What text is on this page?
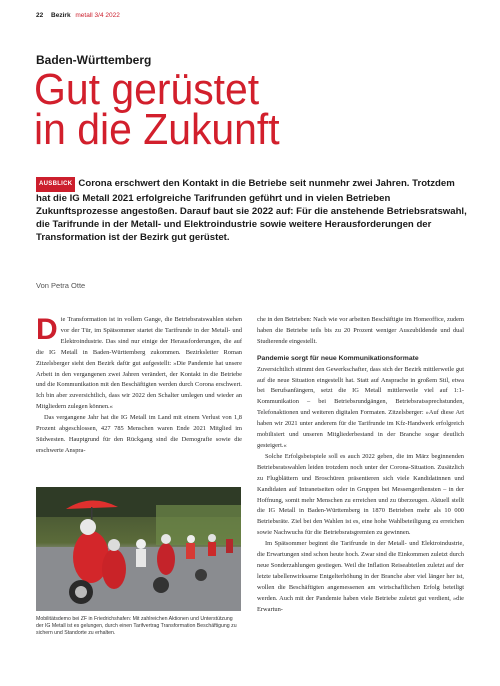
22 Bezirk metall 3/4 2022
Baden-Württemberg
Gut gerüstet
in die Zukunft
AUSBLICK Corona erschwert den Kontakt in die Betriebe seit nunmehr zwei Jahren. Trotzdem hat die IG Metall 2021 erfolgreiche Tarifrunden geführt und in vielen Betrieben Zukunftsprozesse angestoßen. Darauf baut sie 2022 auf: Für die anstehende Betriebsratswahl, die Tarifrunde in der Metall- und Elektroindustrie sowie weitere Herausforderungen der Transformation ist der Bezirk gut gerüstet.
Von Petra Otte
D ie Transformation ist in vollem Gange, die Betriebsratswahlen stehen vor der Tür, im Spätsommer startet die Tarifrunde in der Metall- und Elektroindustrie. Das sind nur einige der Herausforderungen, die auf die IG Metall in Baden-Württemberg zukommen. Bezirksleiter Roman Zitzelsberger sieht den Bezirk dafür gut aufgestellt: »Die Pandemie hat unsere Arbeit in den vergangenen zwei Jahren verändert, der Kontakt in die Betriebe und die Kommunikation mit den Beschäftigten werden durch Corona erschwert. Ich bin aber zuversichtlich, dass wir 2022 den Schalter umlegen und wieder an Mitgliedern zulegen können.«

Das vergangene Jahr hat die IG Metall im Land mit einem Verlust von 1,8 Prozent abgeschlossen, 427 785 Menschen waren Ende 2021 Mitglied im Südwesten. Hauptgrund für den Rückgang sind die Demografie sowie die erschwerte Anspra-

Mobilitätsdemo bei ZF in Friedrichshafen: Mit zahlreichen Aktionen und Unterstützung der IG Metall ist es gelungen, durch einen Tarifvertrag Transformation Beschäftigung zu sichern und Standorte zu erhalten.

che in den Betrieben: Nach wie vor arbeiten Beschäftigte im Homeoffice, zudem haben die Betriebe teils bis zu 20 Prozent weniger Auszubildende und dual Studierende eingestellt.

Pandemie sorgt für neue Kommunikationsformate

Zuversichtlich stimmt den Gewerkschafter, dass sich der Bezirk mittlerweile gut auf die neue Situation eingestellt hat. Statt auf Ansprache in großem Stil, etwa bei Berufsanfängern, setzt die IG Metall mittlerweile viel auf 1:1-Kommunikation – bei Betriebsrundgängen, Betriebsratssprechstunden, Telefonaktionen und weiteren digitalen Formaten. Zitzelsberger: »Auf diese Art haben wir 2021 unter anderem für die Tarifrunde im Kfz-Handwerk erfolgreich mobilisiert und unseren Mitgliederbestand in der Branche sogar deutlich gesteigert.«

Solche Erfolgsbeispiele soll es auch 2022 geben, die im März beginnenden Betriebsratswahlen leiden trotzdem noch unter der Corona-Situation. Zusätzlich zu Flugblättern und Broschüren präsentieren sich viele Kandidatinnen und Kandidaten auf Intranetseiten oder in Gruppen bei Messengerdiensten – in der Hoffnung, somit mehr Menschen zu erreichen und zu überzeugen. Aktuell stellt die IG Metall in Baden-Württemberg in 1870 Betrieben mehr als 10 000 Betriebsräte. Ziel bei den Wahlen ist es, eine hohe Wahlbeteiligung zu erreichen sowie Nachwuchs für die Betriebsratsgremien zu gewinnen.

Im Spätsommer beginnt die Tarifrunde in der Metall- und Elektroindustrie, die Erwartungen sind schon heute hoch. Zwar sind die Einkommen zuletzt durch neue Sonderzahlungen gestiegen. Weil die Inflation Reiseabteilen zuletzt auf der letzte tabellenwirksame Entgelterhöhung in der Branche aber viel länger her ist, wollen die Beschäftigten angemessenen am wirtschaftlichen Erfolg beteiligt werden. Auch mit der Pandemie haben viele Betriebe zuletzt gut verdient, »die Erwartun-
